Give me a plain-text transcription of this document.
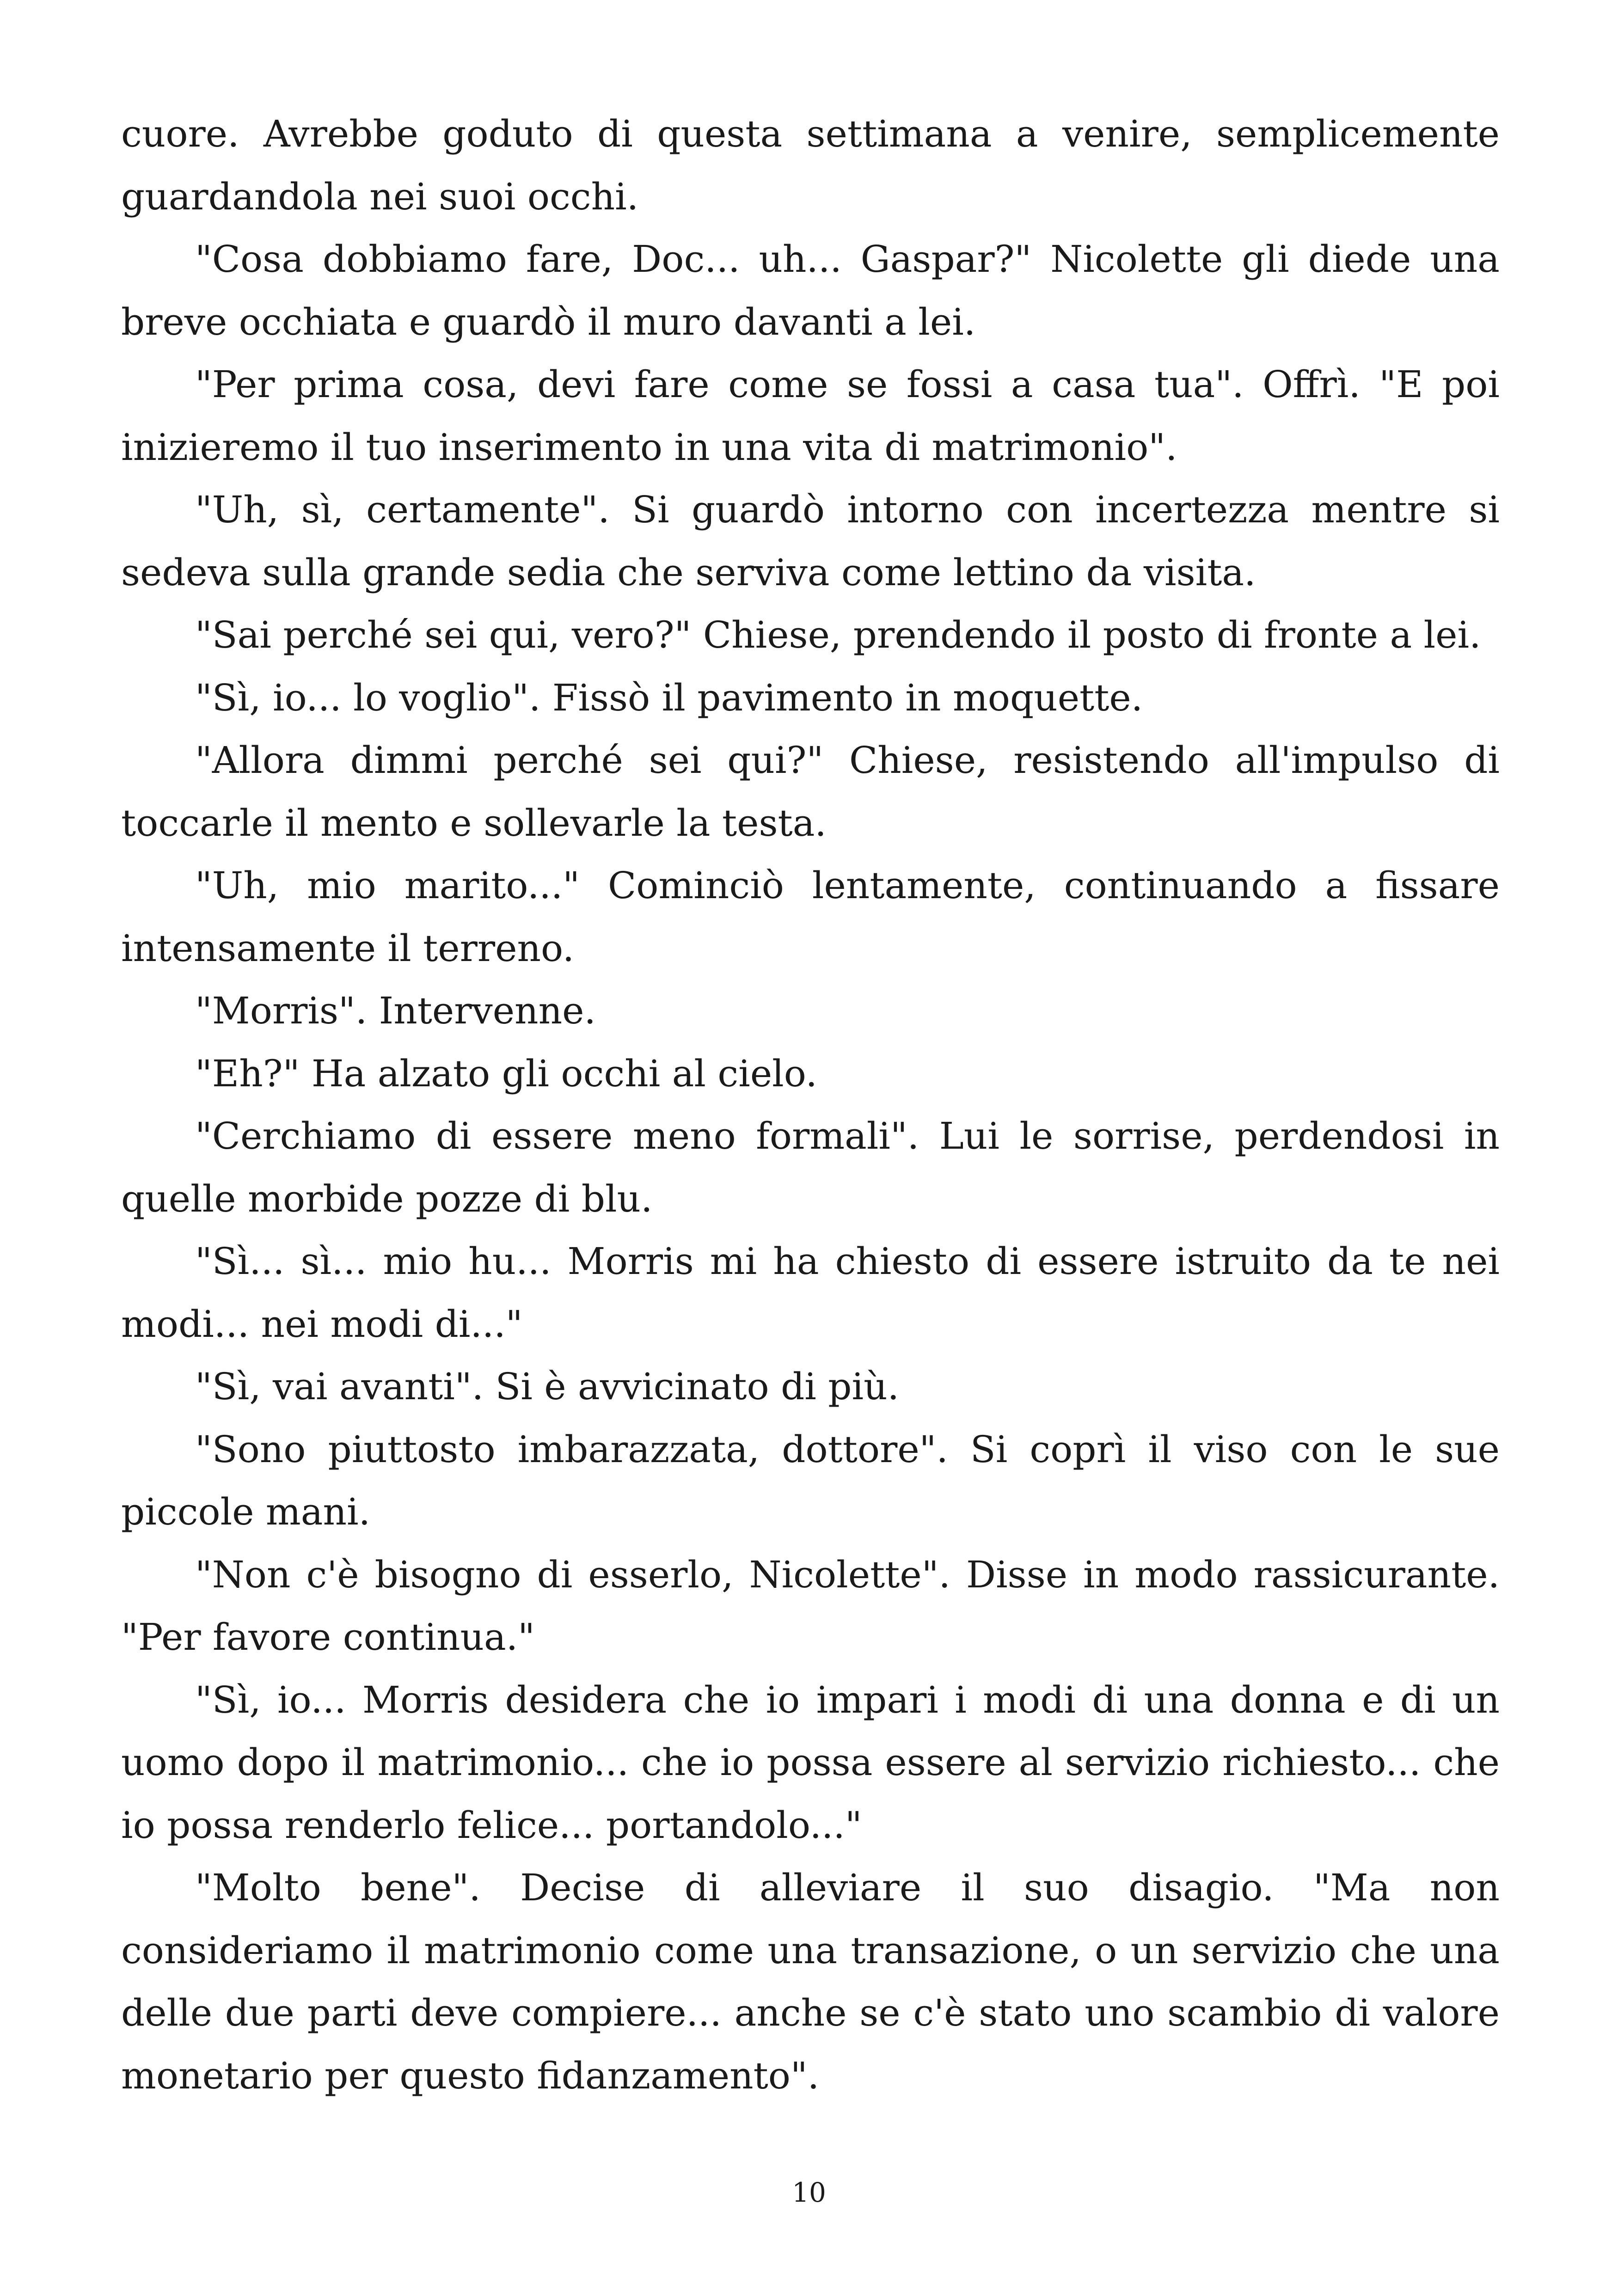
cuore. Avrebbe goduto di questa settimana a venire, semplicemente guardandola nei suoi occhi.

"Cosa dobbiamo fare, Doc... uh... Gaspar?" Nicolette gli diede una breve occhiata e guardò il muro davanti a lei.

"Per prima cosa, devi fare come se fossi a casa tua". Offrì. "E poi inizieremo il tuo inserimento in una vita di matrimonio".

"Uh, sì, certamente". Si guardò intorno con incertezza mentre si sedeva sulla grande sedia che serviva come lettino da visita.

"Sai perché sei qui, vero?" Chiese, prendendo il posto di fronte a lei.

"Sì, io... lo voglio". Fissò il pavimento in moquette.

"Allora dimmi perché sei qui?" Chiese, resistendo all'impulso di toccarle il mento e sollevarle la testa.

"Uh, mio marito..." Cominciò lentamente, continuando a fissare intensamente il terreno.

"Morris". Intervenne.

"Eh?" Ha alzato gli occhi al cielo.

"Cerchiamo di essere meno formali". Lui le sorrise, perdendosi in quelle morbide pozze di blu.

"Sì... sì... mio hu... Morris mi ha chiesto di essere istruito da te nei modi... nei modi di..."

"Sì, vai avanti". Si è avvicinato di più.

"Sono piuttosto imbarazzata, dottore". Si coprì il viso con le sue piccole mani.

"Non c'è bisogno di esserlo, Nicolette". Disse in modo rassicurante. "Per favore continua."

"Sì, io... Morris desidera che io impari i modi di una donna e di un uomo dopo il matrimonio... che io possa essere al servizio richiesto... che io possa renderlo felice... portandolo..."

"Molto bene". Decise di alleviare il suo disagio. "Ma non consideriamo il matrimonio come una transazione, o un servizio che una delle due parti deve compiere... anche se c'è stato uno scambio di valore monetario per questo fidanzamento".

10
